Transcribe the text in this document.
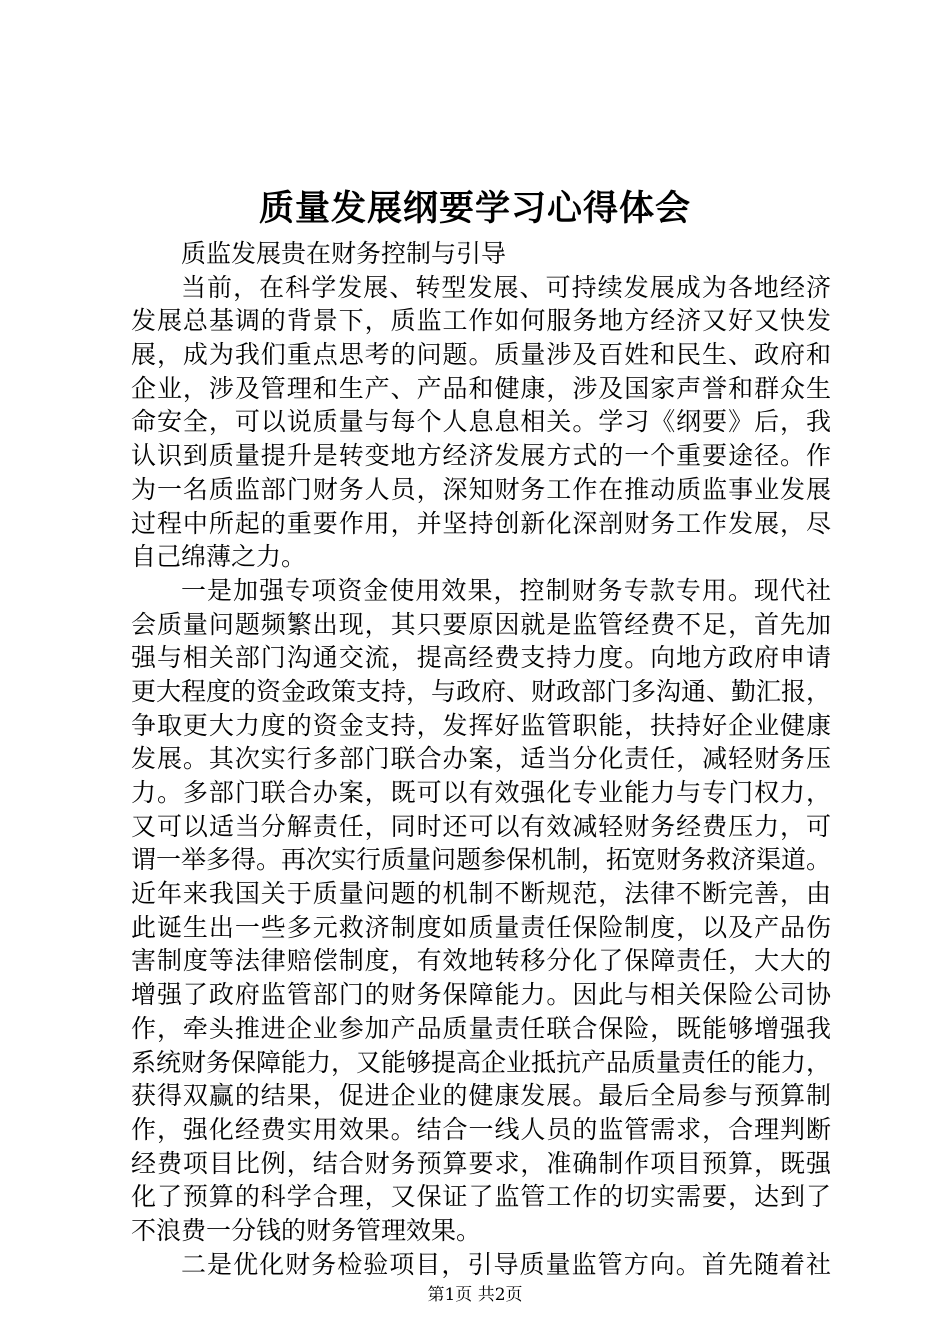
质量发展纲要学习心得体会
质监发展贵在财务控制与引导
当前，在科学发展、转型发展、可持续发展成为各地经济
发展总基调的背景下，质监工作如何服务地方经济又好又快发
展，成为我们重点思考的问题。质量涉及百姓和民生、政府和
企业，涉及管理和生产、产品和健康，涉及国家声誉和群众生
命安全，可以说质量与每个人息息相关。学习《纲要》后，我
认识到质量提升是转变地方经济发展方式的一个重要途径。作
为一名质监部门财务人员，深知财务工作在推动质监事业发展
过程中所起的重要作用，并坚持创新化深剖财务工作发展，尽
自己绵薄之力。
一是加强专项资金使用效果，控制财务专款专用。现代社
会质量问题频繁出现，其只要原因就是监管经费不足，首先加
强与相关部门沟通交流，提高经费支持力度。向地方政府申请
更大程度的资金政策支持，与政府、财政部门多沟通、勤汇报，
争取更大力度的资金支持，发挥好监管职能，扶持好企业健康
发展。其次实行多部门联合办案，适当分化责任，减轻财务压
力。多部门联合办案，既可以有效强化专业能力与专门权力，
又可以适当分解责任，同时还可以有效减轻财务经费压力，可
谓一举多得。再次实行质量问题参保机制，拓宽财务救济渠道。
近年来我国关于质量问题的机制不断规范，法律不断完善，由
此诞生出一些多元救济制度如质量责任保险制度，以及产品伤
害制度等法律赔偿制度，有效地转移分化了保障责任，大大的
增强了政府监管部门的财务保障能力。因此与相关保险公司协
作，牵头推进企业参加产品质量责任联合保险，既能够增强我
系统财务保障能力，又能够提高企业抵抗产品质量责任的能力，
获得双赢的结果，促进企业的健康发展。最后全局参与预算制
作，强化经费实用效果。结合一线人员的监管需求，合理判断
经费项目比例，结合财务预算要求，准确制作项目预算，既强
化了预算的科学合理，又保证了监管工作的切实需要，达到了
不浪费一分钱的财务管理效果。
二是优化财务检验项目，引导质量监管方向。首先随着社
第1页 共2页
